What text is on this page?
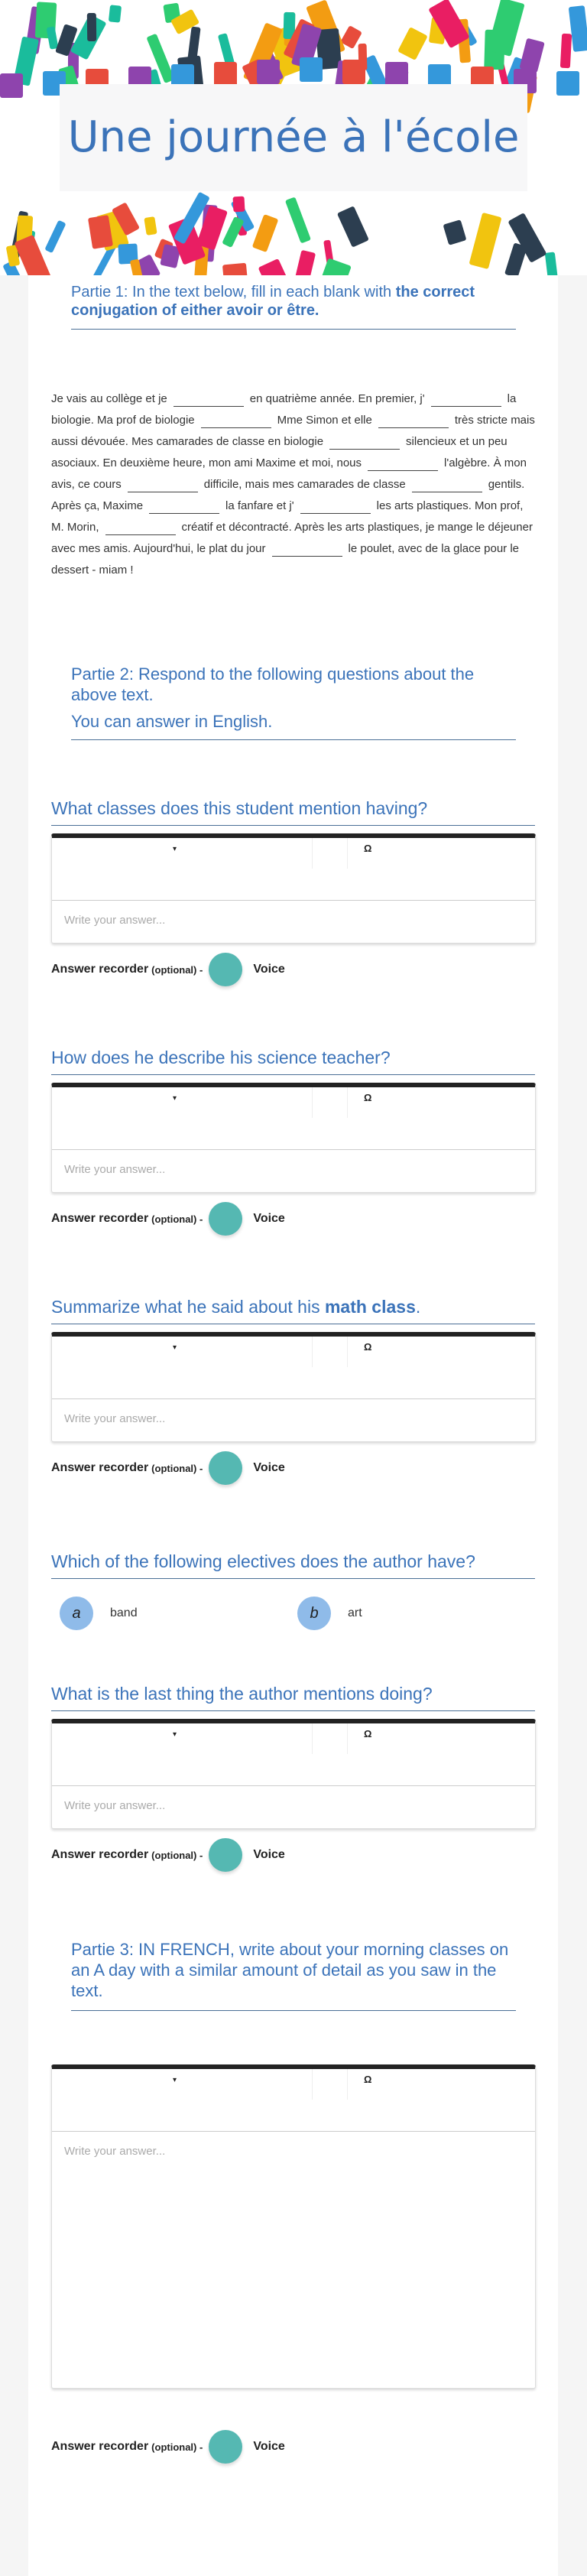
Une journée à l'école
Partie 1: In the text below, fill in each blank with the correct conjugation of either avoir or être.
Je vais au collège et je	en quatrième année. En premier, j'	la biologie. Ma prof de biologie	Mme Simon et elle	très stricte mais aussi dévouée. Mes camarades de classe en biologie	silencieux et un peu asociaux. En deuxième heure, mon ami Maxime et moi, nous	l'algèbre. À mon avis, ce cours	difficile, mais mes camarades de classe	gentils. Après ça, Maxime	la fanfare et j'	les arts plastiques. Mon prof, M. Morin,	créatif et décontracté. Après les arts plastiques, je mange le déjeuner avec mes amis. Aujourd'hui, le plat du jour	le poulet, avec de la glace pour le dessert - miam !
Partie 2: Respond to the following questions about the above text.
You can answer in English.
What classes does this student mention having?
▾	Ω
Write your answer...
Answer recorder (optional) -	Voice
How does he describe his science teacher?
▾	Ω
Write your answer...
Answer recorder (optional) -	Voice
Summarize what he said about his math class.
▾	Ω
Write your answer...
Answer recorder (optional) -	Voice
Which of the following electives does the author have?
a	band	b	art
What is the last thing the author mentions doing?
▾	Ω
Write your answer...
Answer recorder (optional) -	Voice
▾	Ω
Write your answer...
Answer recorder (optional) -	Voice
Partie 3: IN FRENCH, write about your morning classes on an A day with a similar amount of detail as you saw in the text.
